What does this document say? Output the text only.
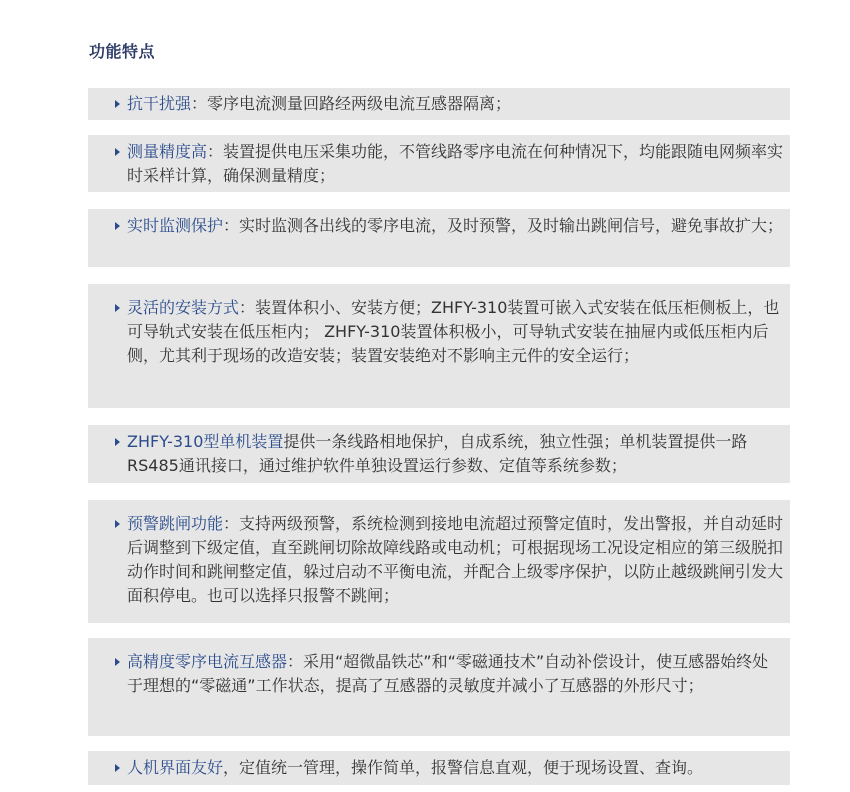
功能特点
抗干扰强：零序电流测量回路经两级电流互感器隔离；
测量精度高：装置提供电压采集功能，不管线路零序电流在何种情况下，均能跟随电网频率实时采样计算，确保测量精度；
实时监测保护：实时监测各出线的零序电流，及时预警，及时输出跳闸信号，避免事故扩大；
灵活的安装方式：装置体积小、安装方便；ZHFY-310装置可嵌入式安装在低压柜侧板上，也可导轨式安装在低压柜内； ZHFY-310装置体积极小，可导轨式安装在抽屉内或低压柜内后侧，尤其利于现场的改造安装；装置安装绝对不影响主元件的安全运行；
ZHFY-310型单机装置提供一条线路相地保护，自成系统，独立性强；单机装置提供一路RS485通讯接口，通过维护软件单独设置运行参数、定值等系统参数；
预警跳闸功能：支持两级预警，系统检测到接地电流超过预警定值时，发出警报，并自动延时后调整到下级定值，直至跳闸切除故障线路或电动机；可根据现场工况设定相应的第三级脱扣动作时间和跳闸整定值，躲过启动不平衡电流，并配合上级零序保护，以防止越级跳闸引发大面积停电。也可以选择只报警不跳闸；
高精度零序电流互感器：采用“超微晶铁芯”和“零磁通技术”自动补偿设计，使互感器始终处于理想的“零磁通”工作状态，提高了互感器的灵敏度并减小了互感器的外形尺寸；
人机界面友好，定值统一管理，操作简单，报警信息直观，便于现场设置、查询。
